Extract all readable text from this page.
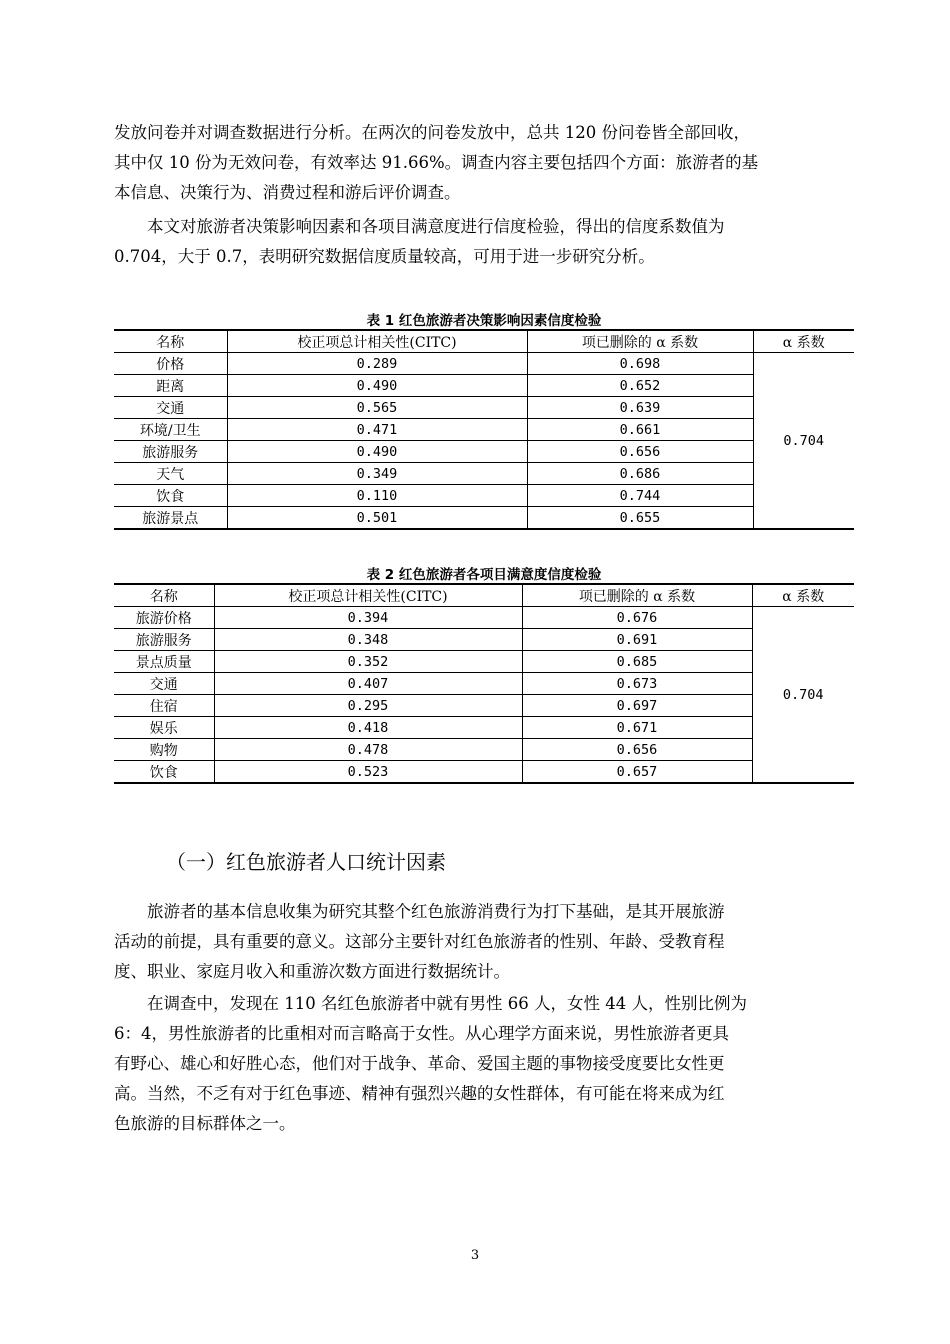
发放问卷并对调查数据进行分析。在两次的问卷发放中，总共 120 份问卷皆全部回收，
其中仅 10 份为无效问卷，有效率达 91.66%。调查内容主要包括四个方面：旅游者的基
本信息、决策行为、消费过程和游后评价调查。

本文对旅游者决策影响因素和各项目满意度进行信度检验，得出的信度系数值为
0.704，大于 0.7，表明研究数据信度质量较高，可用于进一步研究分析。

表 1 红色旅游者决策影响因素信度检验
名称	校正项总计相关性(CITC)	项已删除的 α 系数	α 系数
价格	0.289	0.698	0.704
距离	0.490	0.652	
交通	0.565	0.639	
环境/卫生	0.471	0.661	
旅游服务	0.490	0.656	
天气	0.349	0.686	
饮食	0.110	0.744	
旅游景点	0.501	0.655	
表 2 红色旅游者各项目满意度信度检验
名称	校正项总计相关性(CITC)	项已删除的 α 系数	α 系数
旅游价格	0.394	0.676	0.704
旅游服务	0.348	0.691	
景点质量	0.352	0.685	
交通	0.407	0.673	
住宿	0.295	0.697	
娱乐	0.418	0.671	
购物	0.478	0.656	
饮食	0.523	0.657	
（一）红色旅游者人口统计因素

旅游者的基本信息收集为研究其整个红色旅游消费行为打下基础，是其开展旅游
活动的前提，具有重要的意义。这部分主要针对红色旅游者的性别、年龄、受教育程
度、职业、家庭月收入和重游次数方面进行数据统计。

在调查中，发现在 110 名红色旅游者中就有男性 66 人，女性 44 人，性别比例为
6：4，男性旅游者的比重相对而言略高于女性。从心理学方面来说，男性旅游者更具
有野心、雄心和好胜心态，他们对于战争、革命、爱国主题的事物接受度要比女性更
高。当然，不乏有对于红色事迹、精神有强烈兴趣的女性群体，有可能在将来成为红
色旅游的目标群体之一。

3
